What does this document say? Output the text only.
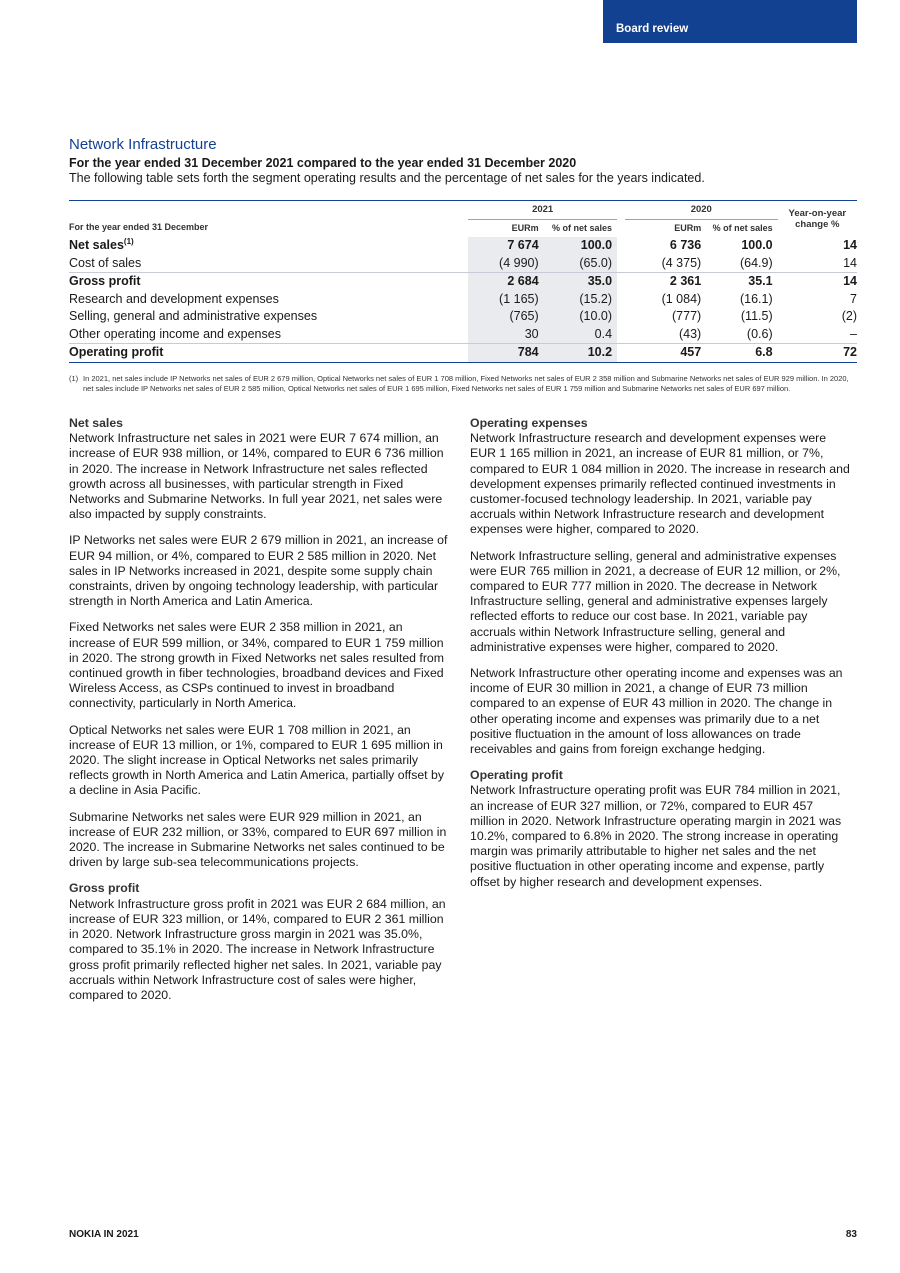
Board review
Network Infrastructure
For the year ended 31 December 2021 compared to the year ended 31 December 2020
The following table sets forth the segment operating results and the percentage of net sales for the years indicated.
	2021			2020		Year-on-year
change %
For the year ended 31 December	EURm	% of net sales		EURm	% of net sales	
Net sales$^{(1)}$	7 674	100.0		6 736	100.0	14
Cost of sales	(4 990)	(65.0)		(4 375)	(64.9)	14
Gross profit	2 684	35.0		2 361	35.1	14
Research and development expenses	(1 165)	(15.2)		(1 084)	(16.1)	7
Selling, general and administrative expenses	(765)	(10.0)		(777)	(11.5)	(2)
Other operating income and expenses	30	0.4		(43)	(0.6)	–
Operating profit	784	10.2		457	6.8	72
(1) In 2021, net sales include IP Networks net sales of EUR 2 679 million, Optical Networks net sales of EUR 1 708 million, Fixed Networks net sales of EUR 2 358 million and Submarine Networks net sales of EUR 929 million. In 2020, net sales include IP Networks net sales of EUR 2 585 million, Optical Networks net sales of EUR 1 695 million, Fixed Networks net sales of EUR 1 759 million and Submarine Networks net sales of EUR 697 million.
Net sales

Network Infrastructure net sales in 2021 were EUR 7 674 million, an increase of EUR 938 million, or 14%, compared to EUR 6 736 million in 2020. The increase in Network Infrastructure net sales reflected growth across all businesses, with particular strength in Fixed Networks and Submarine Networks. In full year 2021, net sales were also impacted by supply constraints.

IP Networks net sales were EUR 2 679 million in 2021, an increase of EUR 94 million, or 4%, compared to EUR 2 585 million in 2020. Net sales in IP Networks increased in 2021, despite some supply chain constraints, driven by ongoing technology leadership, with particular strength in North America and Latin America.

Fixed Networks net sales were EUR 2 358 million in 2021, an increase of EUR 599 million, or 34%, compared to EUR 1 759 million in 2020. The strong growth in Fixed Networks net sales resulted from continued growth in fiber technologies, broadband devices and Fixed Wireless Access, as CSPs continued to invest in broadband connectivity, particularly in North America.

Optical Networks net sales were EUR 1 708 million in 2021, an increase of EUR 13 million, or 1%, compared to EUR 1 695 million in 2020. The slight increase in Optical Networks net sales primarily reflects growth in North America and Latin America, partially offset by a decline in Asia Pacific.

Submarine Networks net sales were EUR 929 million in 2021, an increase of EUR 232 million, or 33%, compared to EUR 697 million in 2020. The increase in Submarine Networks net sales continued to be driven by large sub-sea telecommunications projects.

Gross profit

Network Infrastructure gross profit in 2021 was EUR 2 684 million, an increase of EUR 323 million, or 14%, compared to EUR 2 361 million in 2020. Network Infrastructure gross margin in 2021 was 35.0%, compared to 35.1% in 2020. The increase in Network Infrastructure gross profit primarily reflected higher net sales. In 2021, variable pay accruals within Network Infrastructure cost of sales were higher, compared to 2020.

Operating expenses

Network Infrastructure research and development expenses were EUR 1 165 million in 2021, an increase of EUR 81 million, or 7%, compared to EUR 1 084 million in 2020. The increase in research and development expenses primarily reflected continued investments in customer-focused technology leadership. In 2021, variable pay accruals within Network Infrastructure research and development expenses were higher, compared to 2020.

Network Infrastructure selling, general and administrative expenses were EUR 765 million in 2021, a decrease of EUR 12 million, or 2%, compared to EUR 777 million in 2020. The decrease in Network Infrastructure selling, general and administrative expenses largely reflected efforts to reduce our cost base. In 2021, variable pay accruals within Network Infrastructure selling, general and administrative expenses were higher, compared to 2020.

Network Infrastructure other operating income and expenses was an income of EUR 30 million in 2021, a change of EUR 73 million compared to an expense of EUR 43 million in 2020. The change in other operating income and expenses was primarily due to a net positive fluctuation in the amount of loss allowances on trade receivables and gains from foreign exchange hedging.

Operating profit

Network Infrastructure operating profit was EUR 784 million in 2021, an increase of EUR 327 million, or 72%, compared to EUR 457 million in 2020. Network Infrastructure operating margin in 2021 was 10.2%, compared to 6.8% in 2020. The strong increase in operating margin was primarily attributable to higher net sales and the net positive fluctuation in other operating income and expense, partly offset by higher research and development expenses.

NOKIA IN 2021	83
